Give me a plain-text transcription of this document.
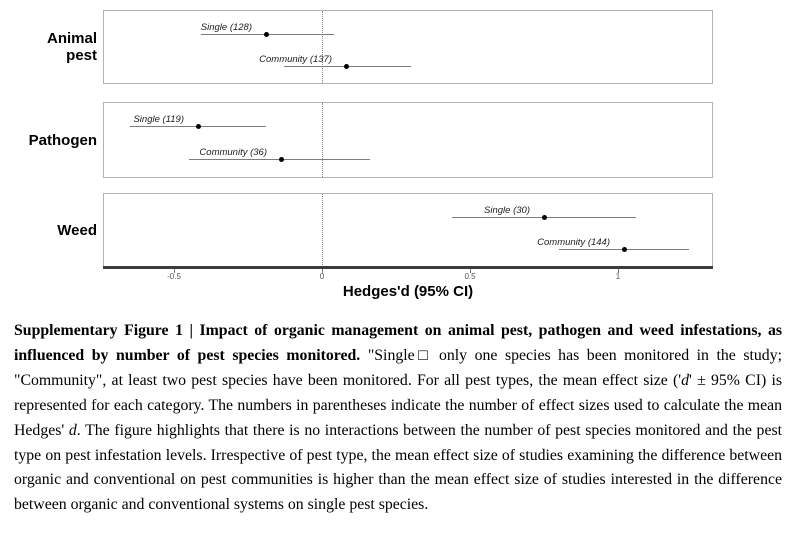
Hedges'd (95% CI)
Animal pest
Single (128)
Community (137)
Pathogen
Single (119)
Community (36)
Weed
Single (30)
Community (144)
-0.5	0	0.5	1
Supplementary Figure 1 | Impact of organic management on animal pest, pathogen and weed infestations, as influenced by number of pest species monitored. "Single□ only one species has been monitored in the study; "Community", at least two pest species have been monitored. For all pest types, the mean effect size ('d' ± 95% CI) is represented for each category. The numbers in parentheses indicate the number of effect sizes used to calculate the mean Hedges' d. The figure highlights that there is no interactions between the number of pest species monitored and the pest type on pest infestation levels. Irrespective of pest type, the mean effect size of studies examining the difference between organic and conventional on pest communities is higher than the mean effect size of studies interested in the difference between organic and conventional systems on single pest species.
